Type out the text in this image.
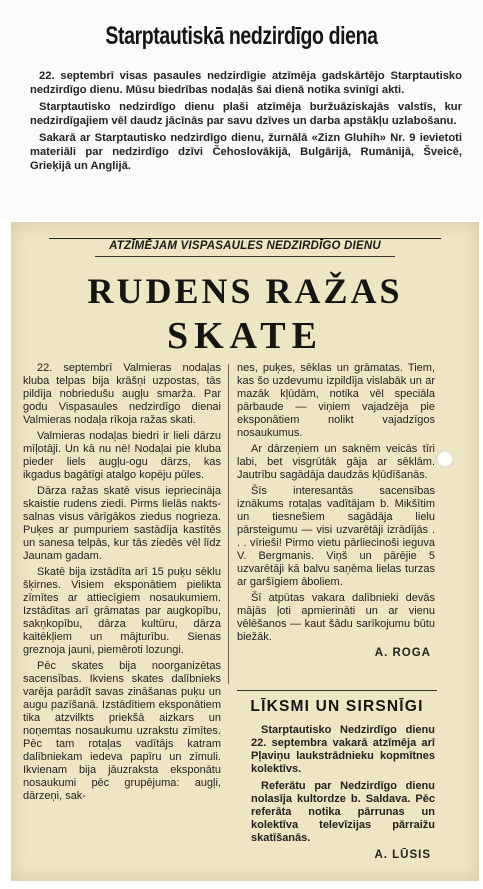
Starptautiskā nedzirdīgo diena

22. septembrī visas pasaules nedzirdīgie atzīmēja gadskārtējo Starptautisko nedzirdīgo dienu. Mūsu biedrības nodaļās šai dienā notika svinīgi akti.

Starptautisko nedzirdīgo dienu plaši atzīmēja buržuāziskajās valstīs, kur nedzirdīgajiem vēl daudz jācīnās par savu dzīves un darba apstākļu uzlabošanu.

Sakarā ar Starptautisko nedzirdīgo dienu, žurnālā «Zizn Gluhih» Nr. 9 ievietoti materiāli par nedzirdīgo dzīvi Čehoslovākijā, Bulgārijā, Rumānijā, Šveicē, Grieķijā un Anglijā.

ATZĪMĒJAM VISPASAULES NEDZIRDĪGO DIENU
RUDENS RAŽAS
SKATE

22. septembrī Valmieras nodaļas kluba telpas bija krāšņi uzpostas, tās pildīja nobriedušu augļu smarža. Par godu Vispasaules nedzirdīgo dienai Valmieras nodaļa rīkoja ražas skati.

Valmieras nodaļas biedri ir lieli dārzu mīļotāji. Un kā nu nē! Nodaļai pie kluba pieder liels augļu-ogu dārzs, kas ikgadus bagātīgi atalgo kopēju pūles.

Dārza ražas skatē visus iepriecināja skaistie rudens ziedi. Pirms lielās naktssalnas visus vārīgākos ziedus nogrieza. Puķes ar pumpuriem sastādīja kastītēs un sanesa telpās, kur tās ziedēs vēl līdz Jaunam gadam.

Skatē bija izstādīta arī 15 puķu sēklu šķirnes. Visiem eksponātiem pielikta zīmītes ar attiecīgiem nosaukumiem. Izstādītas arī grāmatas par augkopību, sakņkopību, dārza kultūru, dārza kaitēkļiem un mājturību. Sienas greznoja jauni, piemēroti lozungi.

Pēc skates bija noorganizētas sacensības. Ikviens skates dalībnieks varēja parādīt savas zināšanas puķu un augu pazīšanā. Izstādītiem eksponātiem tika atzvilkts priekšā aizkars un noņemtas nosaukumu uzrakstu zīmītes. Pēc tam rotaļas vadītājs katram dalībniekam iedeva papīru un zīmuli. Ikvienam bija jāuzraksta eksponātu nosaukumi pēc grupējuma: augļi, dārzeņi, sak-

nes, puķes, sēklas un grāmatas. Tiem, kas šo uzdevumu izpildīja vislabāk un ar mazāk kļūdām, notika vēl speciāla pārbaude — viņiem vajadzēja pie eksponātiem nolikt vajadzīgos nosaukumus.

Ar dārzeņiem un saknēm veicās tīri labi, bet visgrūtāk gāja ar sēklām. Jautrību sagādāja daudzās kļūdīšanās.

Šīs interesantās sacensības iznākums rotaļas vadītājam b. Mikšītim un tiesnešiem sagādāja lielu pārsteigumu — visi uzvarētāji izrādījās . . . vīrieši! Pirmo vietu pārliecinoši ieguva V. Bergmanis. Viņš un pārējie 5 uzvarētāji kā balvu saņēma lielas turzas ar garšīgiem āboliem.

Šī atpūtas vakara dalībnieki devās mājās ļoti apmierināti un ar vienu vēlēšanos — kaut šādu sarīkojumu būtu biežāk.

A. ROGA
LĪKSMI UN SIRSNĪGI

Starptautisko Nedzirdīgo dienu 22. septembra vakarā atzīmēja arī Pļaviņu laukstrādnieku kopmītnes kolektīvs.

Referātu par Nedzirdīgo dienu nolasīja kultordze b. Saldava. Pēc referāta notika pārrunas un kolektīva televīzijas pārraižu skatīšanās.

A. LŪSIS
